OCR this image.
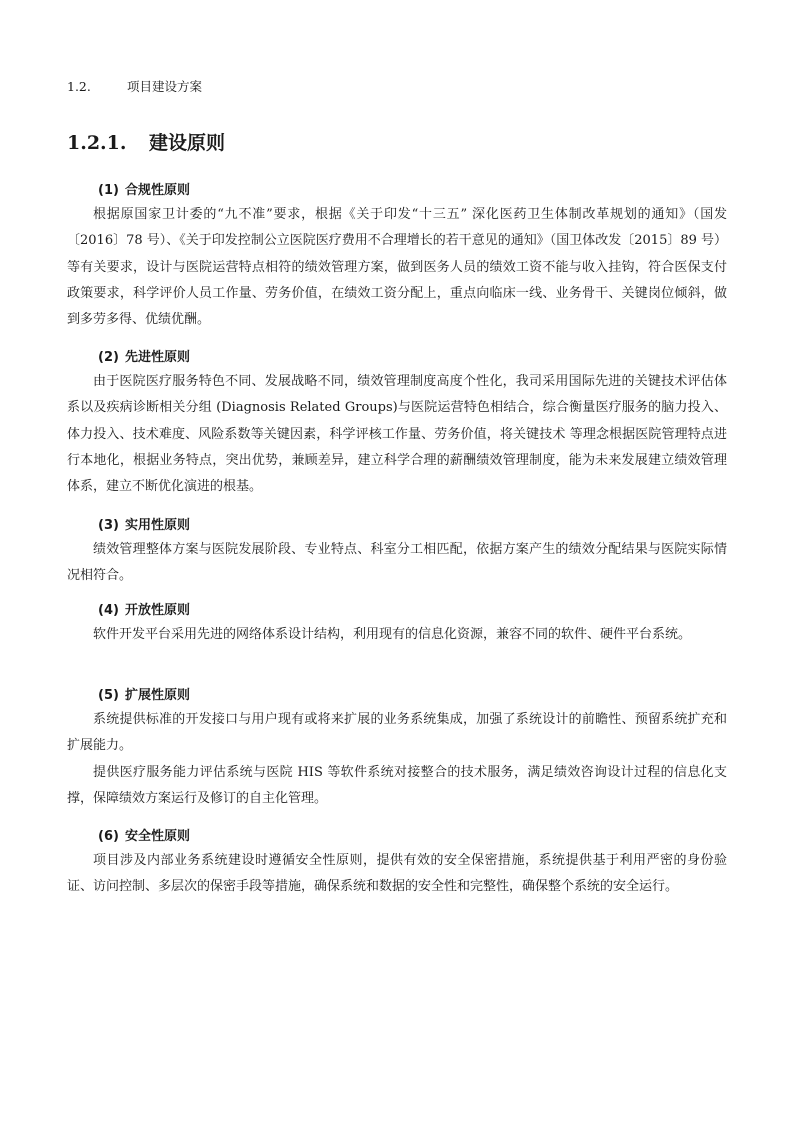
1.2.	项目建设方案
1.2.1. 建设原则
(1) 合规性原则

根据原国家卫计委的“九不准”要求，根据《关于印发“十三五” 深化医药卫生体制改革规划的通知》（国发〔2016〕78 号）、《关于印发控制公立医院医疗费用不合理增长的若干意见的通知》（国卫体改发〔2015〕89 号）等有关要求，设计与医院运营特点相符的绩效管理方案，做到医务人员的绩效工资不能与收入挂钩，符合医保支付政策要求，科学评价人员工作量、劳务价值，在绩效工资分配上，重点向临床一线、业务骨干、关键岗位倾斜，做到多劳多得、优绩优酬。

(2) 先进性原则

由于医院医疗服务特色不同、发展战略不同，绩效管理制度高度个性化，我司采用国际先进的关键技术评估体系以及疾病诊断相关分组 (Diagnosis Related Groups)与医院运营特色相结合，综合衡量医疗服务的脑力投入、体力投入、技术难度、风险系数等关键因素，科学评核工作量、劳务价值，将关键技术 等理念根据医院管理特点进行本地化，根据业务特点，突出优势，兼顾差异，建立科学合理的薪酬绩效管理制度，能为未来发展建立绩效管理体系，建立不断优化演进的根基。

(3) 实用性原则

绩效管理整体方案与医院发展阶段、专业特点、科室分工相匹配，依据方案产生的绩效分配结果与医院实际情况相符合。

(4) 开放性原则

软件开发平台采用先进的网络体系设计结构，利用现有的信息化资源，兼容不同的软件、硬件平台系统。

(5) 扩展性原则

系统提供标准的开发接口与用户现有或将来扩展的业务系统集成，加强了系统设计的前瞻性、预留系统扩充和扩展能力。

提供医疗服务能力评估系统与医院 HIS 等软件系统对接整合的技术服务，满足绩效咨询设计过程的信息化支撑，保障绩效方案运行及修订的自主化管理。

(6) 安全性原则

项目涉及内部业务系统建设时遵循安全性原则，提供有效的安全保密措施，系统提供基于利用严密的身份验证、访问控制、多层次的保密手段等措施，确保系统和数据的安全性和完整性，确保整个系统的安全运行。
